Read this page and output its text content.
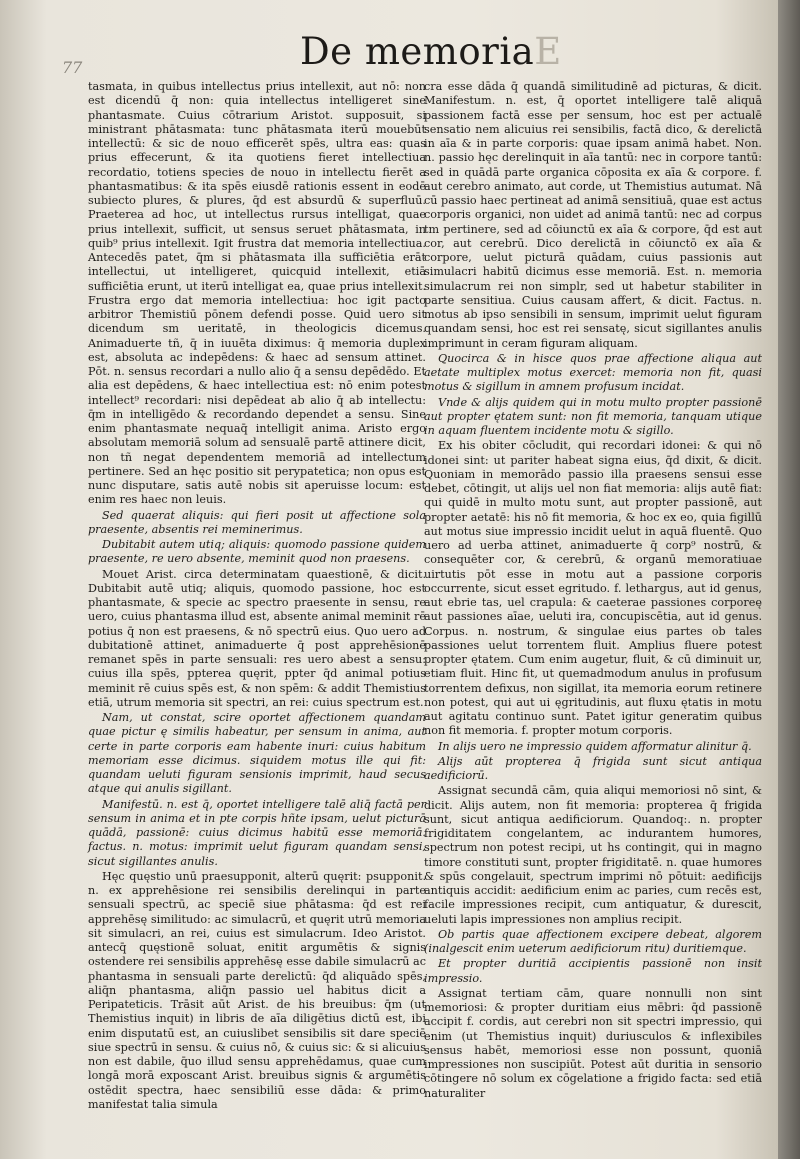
77	De memoriaE

tasmata, in quibus intellectus prius intellexit, aut nō: non est dicendū q̄ non: quia intellectus intelligeret sine phantasmate. Cuius cōtrarium Aristot. supposuit, si ministrant phātasmata: tunc phātasmata iterū mouebūt intellectū: & sic de nouo efficerēt spēs, ultra eas: quas prius effecerunt, & ita quotiens fieret intellectiua recordatio, totiens species de nouo in intellectu fierēt a phantasmatibus: & ita spēs eiusdē rationis essent in eodē subiecto plures, & plures, q̄d est absurdū & superfluū. Praeterea ad hoc, ut intellectus rursus intelligat, quae prius intellexit, sufficit, ut sensus seruet phātasmata, in quib⁹ prius intellexit. Igit frustra dat memoria intellectiua. Antecedēs patet, q̄m si phātasmata illa sufficiētia erāt intellectui, ut intelligeret, quicquid intellexit, etiā sufficiētia erunt, ut iterū intelligat ea, quae prius intellexit. Frustra ergo dat memoria intellectiua: hoc igit pacto arbitror Themistiū pōnem defendi posse. Quid uero sit dicendum sm ueritatē, in theologicis dicemus. Animaduerte tñ, q̄ in iuuēta diximus: q̄ memoria duplex est, absoluta ac indepēdens: & haec ad sensum attinet. Pōt. n. sensus recordari a nullo alio q̄ a sensu depēdēdo. Et alia est depēdens, & haec intellectiua est: nō enim potest intellect⁹ recordari: nisi depēdeat ab alio q̄ ab intellectu: q̄m in intelligēdo & recordando dependet a sensu. Sine enim phantasmate nequaq̄ intelligit anima. Aristo ergo absolutam memoriā solum ad sensualē partē attinere dicit, non tñ negat dependentem memoriā ad intellectum pertinere. Sed an hęc positio sit perypatetica; non opus est nunc disputare, satis autē nobis sit aperuisse locum: est enim res haec non leuis.

Sed quaerat aliquis: qui fieri posit ut affectione sola praesente, absentis rei meminerimus.

Dubitabit autem utiq; aliquis: quomodo passione quidem praesente, re uero absente, meminit quod non praesens.

Mouet Arist. circa determinatam quaestionē, & dicit. Dubitabit autē utiq; aliquis, quomodo passione, hoc est phantasmate, & specie ac spectro praesente in sensu, re uero, cuius phantasma illud est, absente animal meminit rē potius q̄ non est praesens, & nō spectrū eius. Quo uero ad dubitationē attinet, animaduerte q̄ post apprehēsionē remanet spēs in parte sensuali: res uero abest a sensu: cuius illa spēs, ppterea quęrit, ppter q̄d animal potius meminit rē cuius spēs est, & non spēm: & addit Themistius etiā, utrum memoria sit spectri, an rei: cuius spectrum est.

Nam, ut constat, scire oportet affectionem quandam quae pictur ę similis habeatur, per sensum in anima, aut certe in parte corporis eam habente inuri: cuius habitum memoriam esse dicimus. siquidem motus ille qui fit: quandam ueluti figuram sensionis imprimit, haud secus atque qui anulis sigillant.

Manifestū. n. est q̄, oportet intelligere talē aliq̄ factā per sensum in anima et in pte corpis hñte ipsam, uelut picturā quādā, passionē: cuius dicimus habitū esse memoriā. factus. n. motus: imprimit uelut figuram quandam sensi, sicut sigillantes anulis.

Hęc quęstio unū praesupponit, alterū quęrit: psupponit. n. ex apprehēsione rei sensibilis derelinqui in parte sensuali spectrū, ac speciē siue phātasma: q̄d est rei apprehēsę similitudo: ac simulacrū, et quęrit utrū memoria sit simulacri, an rei, cuius est simulacrum. Ideo Aristot. antecq̄ quęstionē soluat, enitit argumētis & signis ostendere rei sensibilis apprehēsę esse dabile simulacrū ac phantasma in sensuali parte derelictū: q̄d aliquādo spēs, aliq̄n phantasma, aliq̄n passio uel habitus dicit a Peripateticis. Trāsit aūt Arist. de his breuibus: q̄m (ut Themistius inquit) in libris de aīa diligētius dictū est, ibi enim disputatū est, an cuiuslibet sensibilis sit dare speciē siue spectrū in sensu. & cuius nō, & cuius sic: & si alicuius non est dabile, q̄uo illud sensu apprehēdamus, quae cum longā morā exposcant Arist. breuibus signis & argumētis ostēdit spectra, haec sensibiliū esse dāda: & primo manifestat talia simula

cra esse dāda q̄ quandā similitudinē ad picturas, & dicit. Manifestum. n. est, q̄ oportet intelligere talē aliquā passionem factā esse per sensum, hoc est per actualē sensatio nem alicuius rei sensibilis, factā dico, & derelictā in aīa & in parte corporis: quae ipsam animā habet. Non. n. passio hęc derelinquit in aīa tantū: nec in corpore tantū: sed in quādā parte organica cōposita ex aīa & corpore. f. aut cerebro animato, aut corde, ut Themistius autumat. Nā cū passio haec pertineat ad animā sensitiuā, quae est actus corporis organici, non uidet ad animā tantū: nec ad corpus tm pertinere, sed ad cōiunctū ex aīa & corpore, q̄d est aut cor, aut cerebrū. Dico derelictā in cōiunctō ex aīa & corpore, uelut picturā quādam, cuius passionis aut simulacri habitū dicimus esse memoriā. Est. n. memoria simulacrum rei non simplr, sed ut habetur stabiliter in parte sensitiua. Cuius causam affert, & dicit. Factus. n. motus ab ipso sensibili in sensum, imprimit uelut figuram quandam sensi, hoc est rei sensatę, sicut sigillantes anulis imprimunt in ceram figuram aliquam.

Quocirca & in hisce quos prae affectione aliqua aut aetate multiplex motus exercet: memoria non fit, quasi motus & sigillum in amnem profusum incidat.

Vnde & alijs quidem qui in motu multo propter passionē aut propter ętatem sunt: non fit memoria, tanquam utique in aquam fluentem incidente motu & sigillo.

Ex his obiter cōcludit, qui recordari idonei: & qui nō idonei sint: ut pariter habeat signa eius, q̄d dixit, & dicit. Quoniam in memorādo passio illa praesens sensui esse debet, cōtingit, ut alijs uel non fiat memoria: alijs autē fiat: qui quidē in multo motu sunt, aut propter passionē, aut propter aetatē: his nō fit memoria, & hoc ex eo, quia figillū aut motus siue impressio incidit uelut in aquā fluentē. Quo uero ad uerba attinet, animaduerte q̄ corp⁹ nostrū, & consequēter cor, & cerebrū, & organū memoratiuae uirtutis pōt esse in motu aut a passione corporis occurrente, sicut esset egritudo. f. lethargus, aut id genus, aut ebrie tas, uel crapula: & caeterae passiones corporeę aut passiones aīae, ueluti ira, concupiscētia, aut id genus. Corpus. n. nostrum, & singulae eius partes ob tales passiones uelut torrentem fluit. Amplius fluere potest propter ętatem. Cum enim augetur, fluit, & cū diminuit ur, etiam fluit. Hinc fit, ut quemadmodum anulus in profusum torrentem defixus, non sigillat, ita memoria eorum retinere non potest, qui aut ui ęgritudinis, aut fluxu ętatis in motu aut agitatu continuo sunt. Patet igitur generatim quibus non fit memoria. f. propter motum corporis.

In alijs uero ne impressio quidem afformatur alinitur q̄.

Alijs aūt propterea q̄ frigida sunt sicut antiqua aedificiorū.

Assignat secundā cām, quia aliqui memoriosi nō sint, & dicit. Alijs autem, non fit memoria: propterea q̄ frigida sunt, sicut antiqua aedificiorum. Quandoq:. n. propter frigiditatem congelantem, ac indurantem humores, spectrum non potest recipi, ut hs contingit, qui in magno timore constituti sunt, propter frigiditatē. n. quae humores & spūs congelauit, spectrum imprimi nō pōtuit: aedificijs antiquis accidit: aedificium enim ac paries, cum recēs est, facile impressiones recipit, cum antiquatur, & durescit, ueluti lapis impressiones non amplius recipit.

Ob partis quae affectionem excipere debeat, algorem (inalgescit enim ueterum aedificiorum ritu) duritiemque.

Et propter duritiā accipientis passionē non insit impressio.

Assignat tertiam cām, quare nonnulli non sint memoriosi: & propter duritiam eius mēbri: q̄d passionē accipit f. cordis, aut cerebri non sit spectri impressio, qui enim (ut Themistius inquit) duriusculos & inflexibiles sensus habēt, memoriosi esse non possunt, quoniā impressiones non suscipiūt. Potest aūt duritia in sensorio cōtingere nō solum ex cōgelatione a frigido facta: sed etiā naturaliter
